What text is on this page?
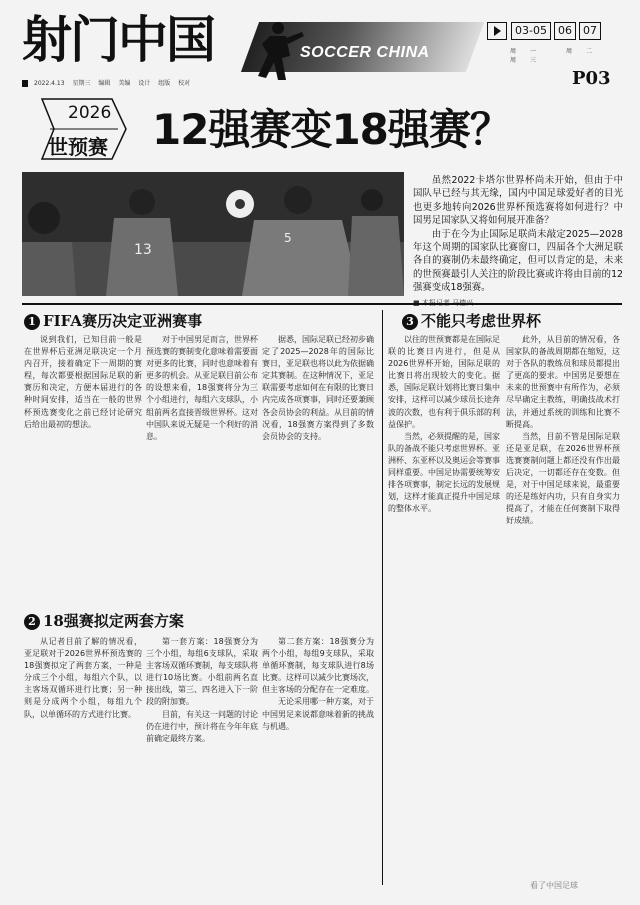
射门中国	SOCCER CHINA
2022.4.13 星期三 编辑 美编 设计 组版 校对
03-05 06 07
周一	周二 周三
P03
2026
世预赛 12强赛变18强赛？
13
5

虽然2022卡塔尔世界杯尚未开始，但由于中国队早已经与其无缘，国内中国足球爱好者的目光也更多地转向2026世界杯预选赛将如何进行？中国男足国家队又将如何展开准备？

由于在今为止国际足联尚未敲定2025—2028年这个周期的国家队比赛窗口，四届各个大洲足联各自的赛制仍未最终确定，但可以肯定的是，未来的世预赛最引人关注的阶段比赛或许将由目前的12强赛变成18强赛。

1 FIFA赛历决定亚洲赛事

说到我们，已知目前一般是在世界杯后亚洲足联决定一个月内召开，接着确定下一周期的赛程，每次都要根据国际足联的新赛历和决定，方便本届进行的各种时间安排，适当在一般的世界杯预选赛变化之前已经讨论研究后给出最初的想法。

对于中国男足而言，世界杯预选赛的赛制变化意味着需要面对更多的比赛，同时也意味着有更多的机会。从亚足联目前公布的设想来看，18强赛将分为三个小组进行，每组六支球队，小组前两名直接晋级世界杯。这对中国队来说无疑是一个利好的消息。

据悉，国际足联已经初步确定了2025—2028年的国际比赛日，亚足联也将以此为依据确定其赛制。在这种情况下，亚足联需要考虑如何在有限的比赛日内完成各项赛事，同时还要兼顾各会员协会的利益。从目前的情况看，18强赛方案得到了多数会员协会的支持。

2 18强赛拟定两套方案

从记者目前了解的情况看，亚足联对于2026世界杯预选赛的18强赛拟定了两套方案，一种是分成三个小组，每组六个队，以主客场双循环进行比赛；另一种则是分成两个小组，每组九个队，以单循环的方式进行比赛。

第一套方案：18强赛分为三个小组，每组6支球队，采取主客场双循环赛制，每支球队将进行10场比赛。小组前两名直接出线，第三、四名进入下一阶段的附加赛。

目前，有关这一问题的讨论仍在进行中，预计将在今年年底前确定最终方案。

第二套方案：18强赛分为两个小组，每组9支球队，采取单循环赛制，每支球队进行8场比赛。这样可以减少比赛场次，但主客场的分配存在一定难度。

无论采用哪一种方案，对于中国男足来说都意味着新的挑战与机遇。

3 不能只考虑世界杯

以往的世预赛都是在国际足联的比赛日内进行，但是从2026世界杯开始，国际足联的比赛日将出现较大的变化。据悉，国际足联计划将比赛日集中安排，这样可以减少球员长途奔波的次数，也有利于俱乐部的利益保护。

当然，必须提醒的是，国家队的备战不能只考虑世界杯。亚洲杯、东亚杯以及奥运会等赛事同样重要。中国足协需要统筹安排各项赛事，制定长远的发展规划，这样才能真正提升中国足球的整体水平。

此外，从目前的情况看，各国家队的备战周期都在缩短，这对于各队的教练员和球员都提出了更高的要求。中国男足要想在未来的世预赛中有所作为，必须尽早确定主教练，明确技战术打法，并通过系统的训练和比赛不断提高。

当然，目前不管是国际足联还是亚足联，在2026世界杯预选赛赛制问题上都还没有作出最后决定，一切都还存在变数。但是，对于中国足球来说，最重要的还是练好内功，只有自身实力提高了，才能在任何赛制下取得好成绩。

看了中国足球
